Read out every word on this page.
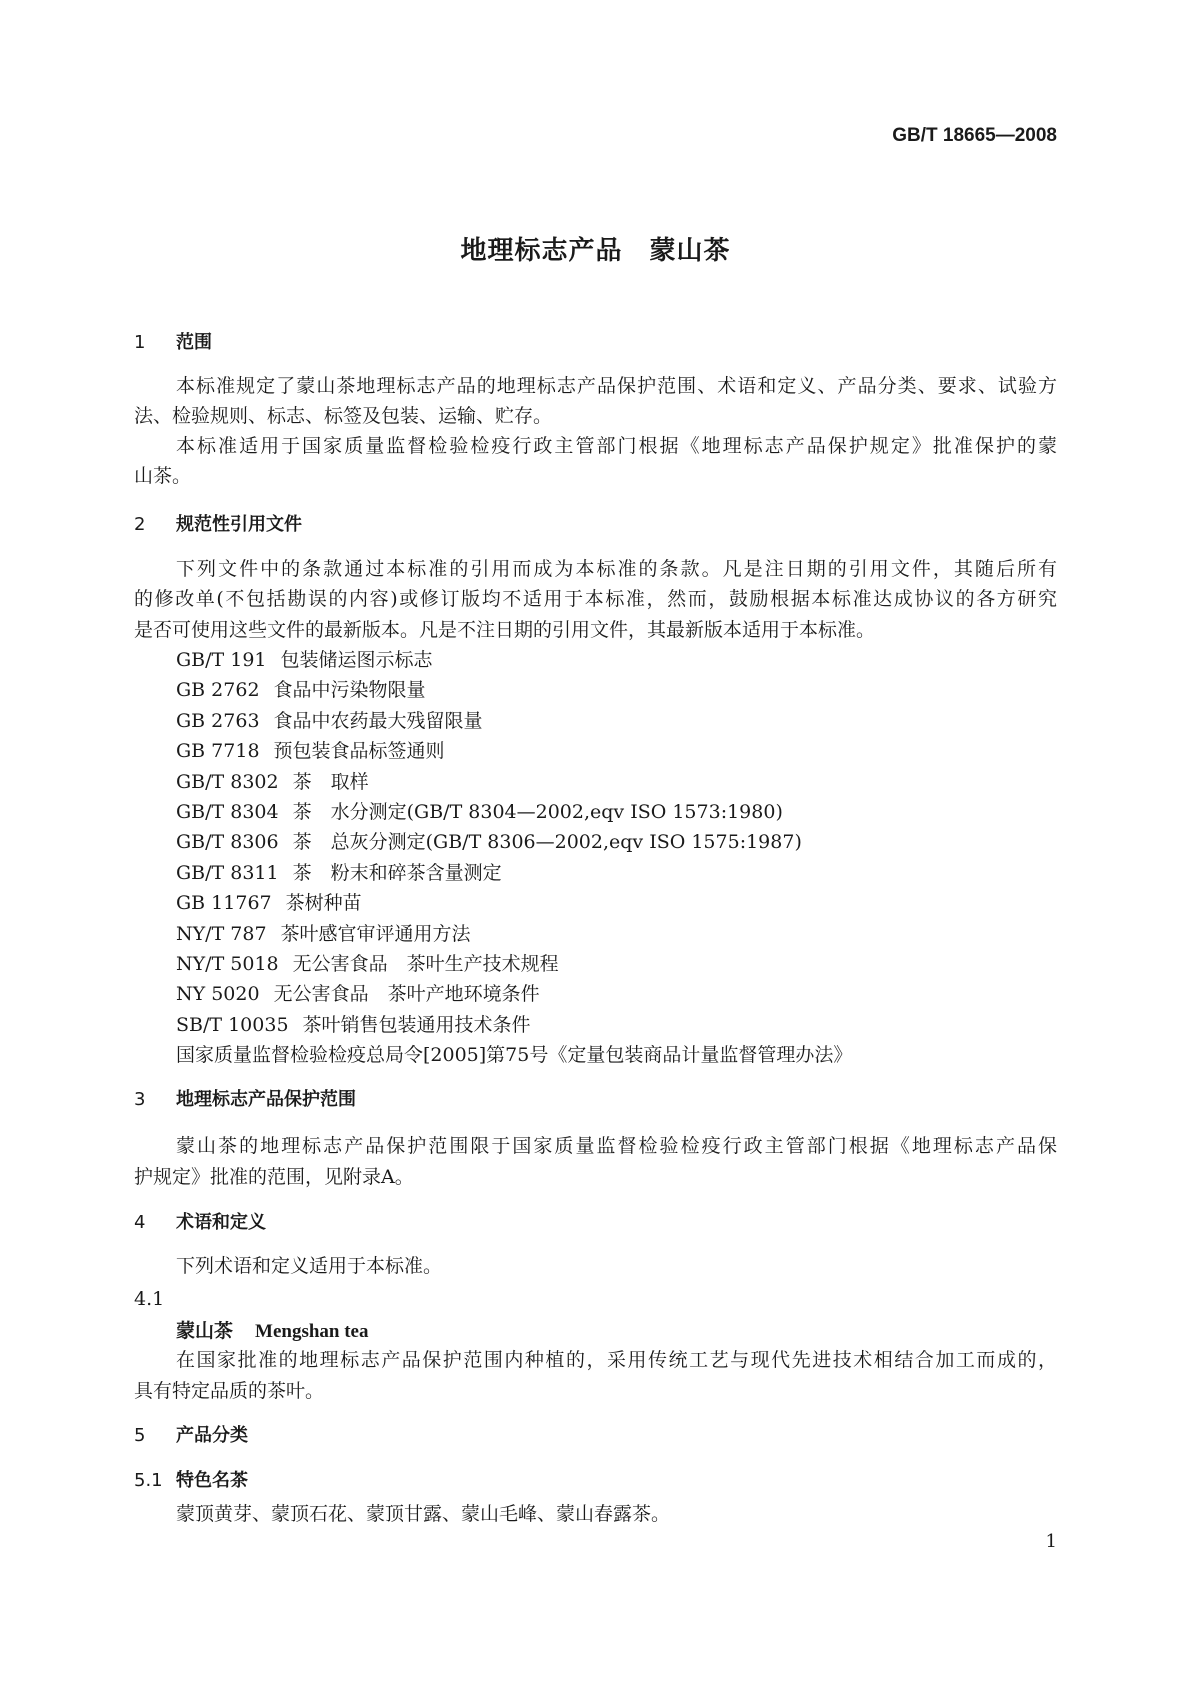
GB/T 18665—2008
地理标志产品　蒙山茶
1 范围
本标准规定了蒙山茶地理标志产品的地理标志产品保护范围、术语和定义、产品分类、要求、试验方
法、检验规则、标志、标签及包装、运输、贮存。
本标准适用于国家质量监督检验检疫行政主管部门根据《地理标志产品保护规定》批准保护的蒙
山茶。
2 规范性引用文件
下列文件中的条款通过本标准的引用而成为本标准的条款。凡是注日期的引用文件，其随后所有
的修改单(不包括勘误的内容)或修订版均不适用于本标准，然而，鼓励根据本标准达成协议的各方研究
是否可使用这些文件的最新版本。凡是不注日期的引用文件，其最新版本适用于本标准。
GB/T 191 包装储运图示标志
GB 2762 食品中污染物限量
GB 2763 食品中农药最大残留限量
GB 7718 预包装食品标签通则
GB/T 8302 茶　取样
GB/T 8304 茶　水分测定(GB/T 8304—2002,eqv ISO 1573:1980)
GB/T 8306 茶　总灰分测定(GB/T 8306—2002,eqv ISO 1575:1987)
GB/T 8311 茶　粉末和碎茶含量测定
GB 11767 茶树种苗
NY/T 787 茶叶感官审评通用方法
NY/T 5018 无公害食品　茶叶生产技术规程
NY 5020 无公害食品　茶叶产地环境条件
SB/T 10035 茶叶销售包装通用技术条件
国家质量监督检验检疫总局令[2005]第75号《定量包装商品计量监督管理办法》
3 地理标志产品保护范围
蒙山茶的地理标志产品保护范围限于国家质量监督检验检疫行政主管部门根据《地理标志产品保
护规定》批准的范围，见附录A。
4 术语和定义
下列术语和定义适用于本标准。
4.1
蒙山茶 Mengshan tea
在国家批准的地理标志产品保护范围内种植的，采用传统工艺与现代先进技术相结合加工而成的，
具有特定品质的茶叶。
5 产品分类
5.1 特色名茶
蒙顶黄芽、蒙顶石花、蒙顶甘露、蒙山毛峰、蒙山春露茶。
1
